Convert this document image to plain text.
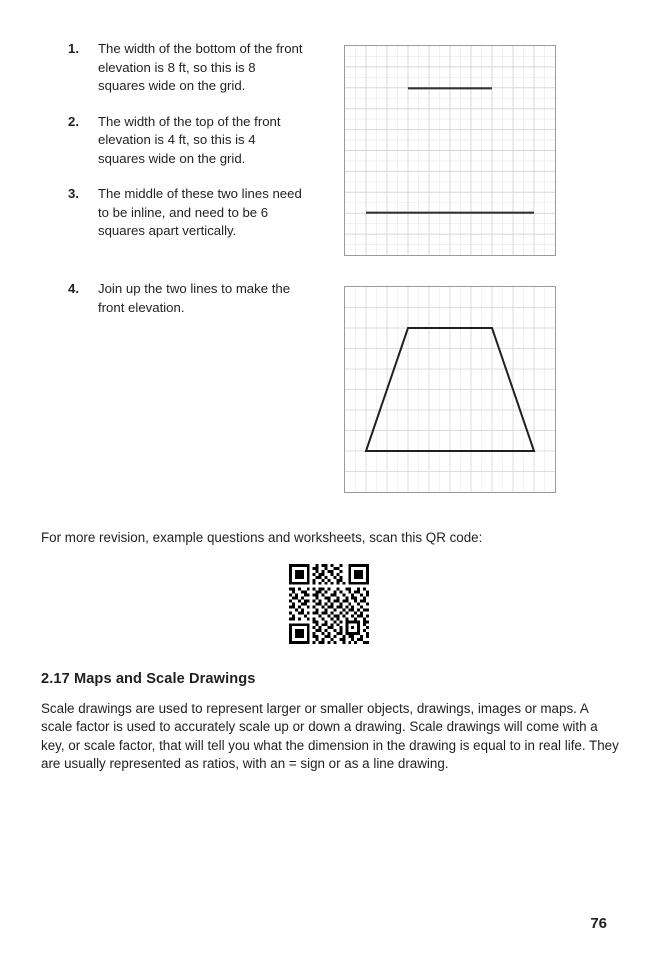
1.	The width of the bottom of the front elevation is 8 ft, so this is 8 squares wide on the grid.
2.	The width of the top of the front elevation is 4 ft, so this is 4 squares wide on the grid.
3.	The middle of these two lines need to be inline, and need to be 6 squares apart vertically.
4.	Join up the two lines to make the front elevation.
For more revision, example questions and worksheets, scan this QR code:
2.17 Maps and Scale Drawings
Scale drawings are used to represent larger or smaller objects, drawings, images or maps. A scale factor is used to accurately scale up or down a drawing. Scale drawings will come with a key, or scale factor, that will tell you what the dimension in the drawing is equal to in real life. They are usually represented as ratios, with an = sign or as a line drawing.
76
